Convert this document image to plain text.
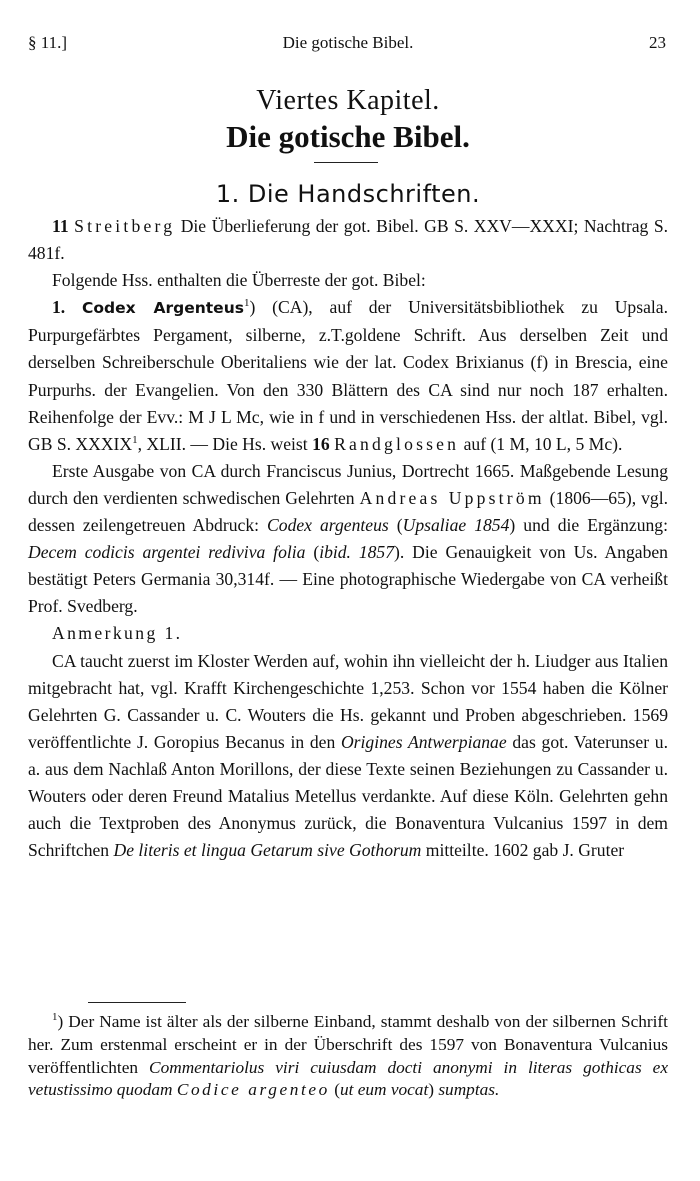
§ 11.]	Die gotische Bibel.	23
Viertes Kapitel.
Die gotische Bibel.
1. Die Handschriften.

11 Streitberg Die Überlieferung der got. Bibel. GB S. XXV—XXXI; Nachtrag S. 481f.

Folgende Hss. enthalten die Überreste der got. Bibel:

1. Codex Argenteus$^1$) (CA), auf der Universitätsbibliothek zu Upsala. Purpurgefärbtes Pergament, silberne, z.T.goldene Schrift. Aus derselben Zeit und derselben Schreiberschule Oberitaliens wie der lat. Codex Brixianus (f) in Brescia, eine Purpurhs. der Evangelien. Von den 330 Blättern des CA sind nur noch 187 erhalten. Reihenfolge der Evv.: M J L Mc, wie in f und in verschiedenen Hss. der altlat. Bibel, vgl. GB S. XXXIX$^1$, XLII. — Die Hs. weist 16 Randglossen auf (1 M, 10 L, 5 Mc).

Erste Ausgabe von CA durch Franciscus Junius, Dortrecht 1665. Maßgebende Lesung durch den verdienten schwedischen Gelehrten Andreas Uppström (1806—65), vgl. dessen zeilengetreuen Abdruck: Codex argenteus (Upsaliae 1854) und die Ergänzung: Decem codicis argentei rediviva folia (ibid. 1857). Die Genauigkeit von Us. Angaben bestätigt Peters Germania 30,314f. — Eine photographische Wiedergabe von CA verheißt Prof. Svedberg.

Anmerkung 1.

CA taucht zuerst im Kloster Werden auf, wohin ihn vielleicht der h. Liudger aus Italien mitgebracht hat, vgl. Krafft Kirchengeschichte 1,253. Schon vor 1554 haben die Kölner Gelehrten G. Cassander u. C. Wouters die Hs. gekannt und Proben abgeschrieben. 1569 veröffentlichte J. Goropius Becanus in den Origines Antwerpianae das got. Vaterunser u. a. aus dem Nachlaß Anton Morillons, der diese Texte seinen Beziehungen zu Cassander u. Wouters oder deren Freund Matalius Metellus verdankte. Auf diese Köln. Gelehrten gehn auch die Textproben des Anonymus zurück, die Bonaventura Vulcanius 1597 in dem Schriftchen De literis et lingua Getarum sive Gothorum mitteilte. 1602 gab J. Gruter

$^1$) Der Name ist älter als der silberne Einband, stammt deshalb von der silbernen Schrift her. Zum erstenmal erscheint er in der Überschrift des 1597 von Bonaventura Vulcanius veröffentlichten Commentariolus viri cuiusdam docti anonymi in literas gothicas ex vetustissimo quodam Codice argenteo (ut eum vocat) sumptas.
